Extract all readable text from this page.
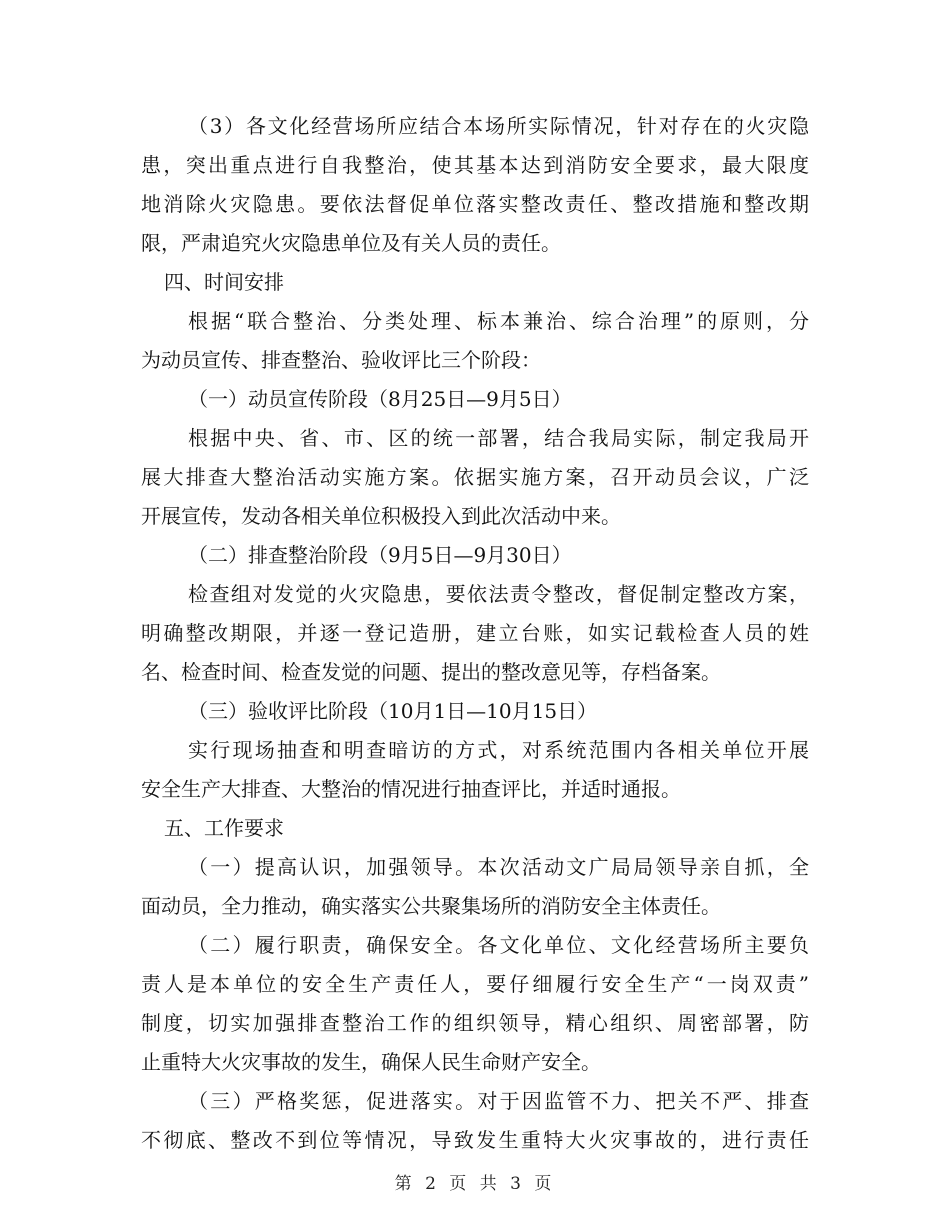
（3）各文化经营场所应结合本场所实际情况，针对存在的火灾隐
患，突出重点进行自我整治，使其基本达到消防安全要求，最大限度
地消除火灾隐患。要依法督促单位落实整改责任、整改措施和整改期
限，严肃追究火灾隐患单位及有关人员的责任。
四、时间安排
根据“联合整治、分类处理、标本兼治、综合治理”的原则，分
为动员宣传、排查整治、验收评比三个阶段：
（一）动员宣传阶段（8月25日—9月5日）
根据中央、省、市、区的统一部署，结合我局实际，制定我局开
展大排查大整治活动实施方案。依据实施方案，召开动员会议，广泛
开展宣传，发动各相关单位积极投入到此次活动中来。
（二）排查整治阶段（9月5日—9月30日）
检查组对发觉的火灾隐患，要依法责令整改，督促制定整改方案，
明确整改期限，并逐一登记造册，建立台账，如实记载检查人员的姓
名、检查时间、检查发觉的问题、提出的整改意见等，存档备案。
（三）验收评比阶段（10月1日—10月15日）
实行现场抽查和明查暗访的方式，对系统范围内各相关单位开展
安全生产大排查、大整治的情况进行抽查评比，并适时通报。
五、工作要求
（一）提高认识，加强领导。本次活动文广局局领导亲自抓，全
面动员，全力推动，确实落实公共聚集场所的消防安全主体责任。
（二）履行职责，确保安全。各文化单位、文化经营场所主要负
责人是本单位的安全生产责任人，要仔细履行安全生产“一岗双责”
制度，切实加强排查整治工作的组织领导，精心组织、周密部署，防
止重特大火灾事故的发生，确保人民生命财产安全。
（三）严格奖惩，促进落实。对于因监管不力、把关不严、排查
不彻底、整改不到位等情况，导致发生重特大火灾事故的，进行责任
第 2 页 共 3 页
